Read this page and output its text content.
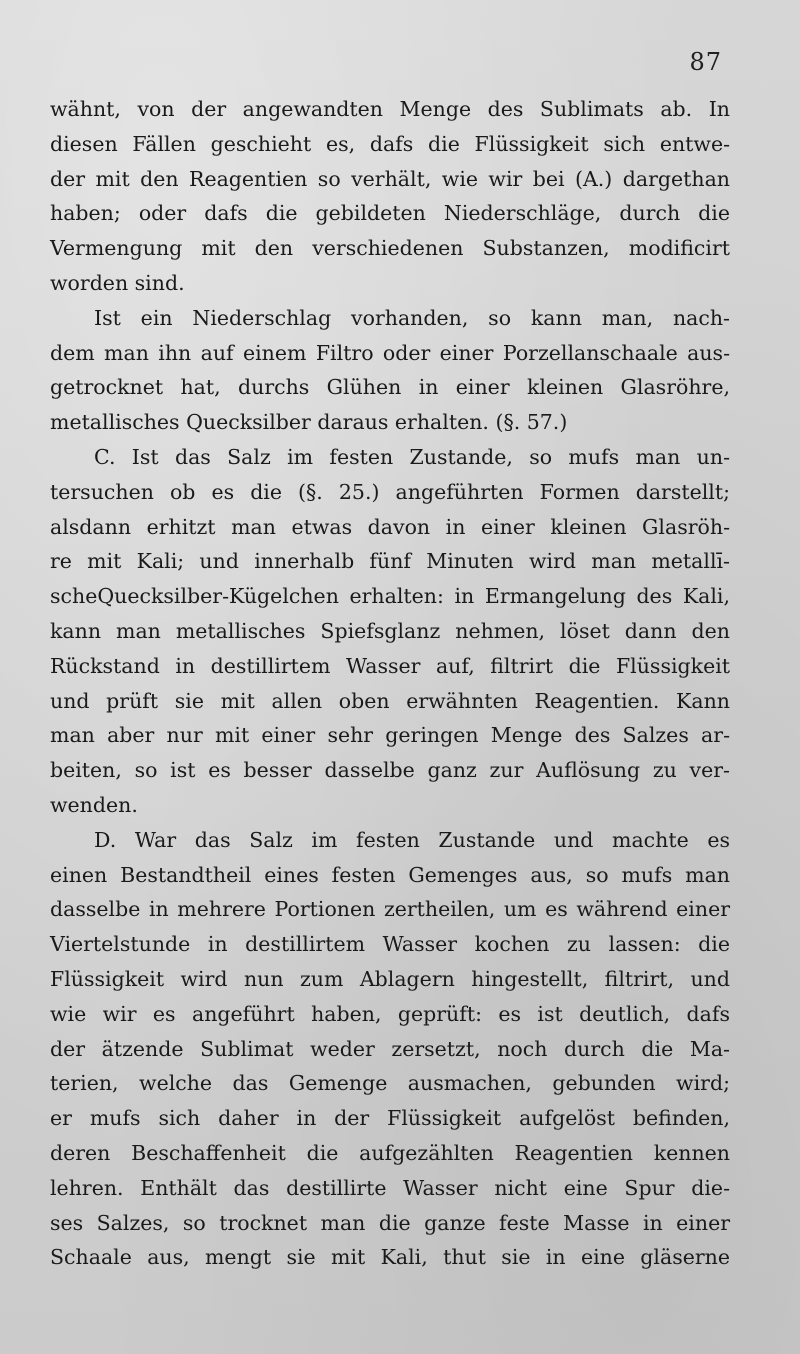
87
wähnt, von der angewandten Menge des Sublimats ab. In
diesen Fällen geschieht es, dafs die Flüssigkeit sich entwe-
der mit den Reagentien so verhält, wie wir bei (A.) dargethan
haben; oder dafs die gebildeten Niederschläge, durch die
Vermengung mit den verschiedenen Substanzen, modificirt
worden sind.
Ist ein Niederschlag vorhanden, so kann man, nach-
dem man ihn auf einem Filtro oder einer Porzellanschaale aus-
getrocknet hat, durchs Glühen in einer kleinen Glasröhre,
metallisches Quecksilber daraus erhalten. (§. 57.)
C. Ist das Salz im festen Zustande, so mufs man un-
tersuchen ob es die (§. 25.) angeführten Formen darstellt;
alsdann erhitzt man etwas davon in einer kleinen Glasröh-
re mit Kali; und innerhalb fünf Minuten wird man metallī-
scheQuecksilber-Kügelchen erhalten: in Ermangelung des Kali,
kann man metallisches Spiefsglanz nehmen, löset dann den
Rückstand in destillirtem Wasser auf, filtrirt die Flüssigkeit
und prüft sie mit allen oben erwähnten Reagentien. Kann
man aber nur mit einer sehr geringen Menge des Salzes ar-
beiten, so ist es besser dasselbe ganz zur Auflösung zu ver-
wenden.
D. War das Salz im festen Zustande und machte es
einen Bestandtheil eines festen Gemenges aus, so mufs man
dasselbe in mehrere Portionen zertheilen, um es während einer
Viertelstunde in destillirtem Wasser kochen zu lassen: die
Flüssigkeit wird nun zum Ablagern hingestellt, filtrirt, und
wie wir es angeführt haben, geprüft: es ist deutlich, dafs
der ätzende Sublimat weder zersetzt, noch durch die Ma-
terien, welche das Gemenge ausmachen, gebunden wird;
er mufs sich daher in der Flüssigkeit aufgelöst befinden,
deren Beschaffenheit die aufgezählten Reagentien kennen
lehren. Enthält das destillirte Wasser nicht eine Spur die-
ses Salzes, so trocknet man die ganze feste Masse in einer
Schaale aus, mengt sie mit Kali, thut sie in eine gläserne
